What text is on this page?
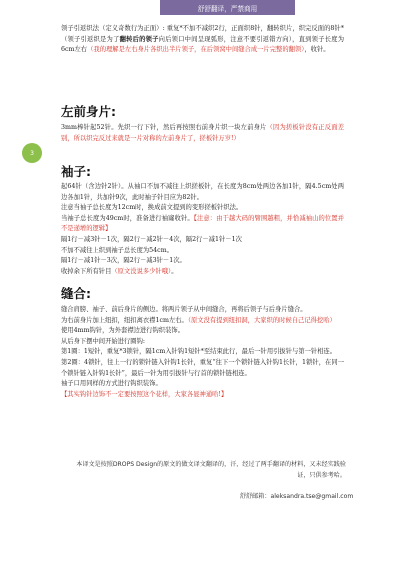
舒舒翻译，严禁商用
3

领子引返织法（定义奇数行为正面）: 重复*不加不减织2行，正面织8针，翻转织片，织完反面的8针*（领子引返织是为了翻转后的领子向后领口中间呈现弧形，注意不要引返错方向），直到领子长度为6cm左右（我的理解是左右身片各织出半片领子，在后领窝中间缝合成一片完整的翻领），收针。

左前身片:

3mm棒针起52针。先织一行下针，然后再按照右前身片织一块左前身片（因为搓板针没有正反面差别，所以织完反过来就是一片对称的左前身片了，搓板针万岁!）

袖子:

起64针（含边针2针）。从袖口不加不减往上织搓板针，在长度为8cm处两边各加1针，隔4.5cm处两边各加1针，共加针9次，此时袖子针目应为82针。

注意当袖子总长度为12cm时，换成前文提到的变形搓板针织法。

当袖子总长度为49cm时，准备进行袖窿收针。【注意：由于越大码的臂围越粗，并恰减袖山的位置并不是递增的逻辑】

隔1行－减3针－1次，隔2行－减2针－4次，隔2行－减1针－1次

不加不减往上织到袖子总长度为54cm。

隔1行－减1针－3次，隔2行－减3针－1次。

收掉余下所有针目（原文没说多少针哦）。

缝合:

缝合肩膀、袖子、前后身片的侧边。将两片领子从中间缝合，再将后领子与后身片缝合。

为右前身片加上纽扣，纽扣离衣襟1cm左右。（原文没有提到纽扣洞，大家织的时候自己记得挖哈）

使用4mm钩针，为外套襟边进行钩织装饰。

从后身下摆中间开始进行圈钩:

第1圈：1短针，重复*3锁针，隔1cm入针钩1短针*至结束此行，最后一针用引拔针与第一针相连。

第2圈：4锁针，往上一行的锁针链入针钩1长针，重复“往下一个锁针链入针钩1长针，1锁针，在同一个锁针链入针钩1长针”，最后一针为用引拔针与行首的锁针链相连。

袖子口用同样的方式进行钩织装饰。

【其实钩针边饰不一定要按照这个花样，大家各显神通哈!】

本译文是按照DROPS Design的原文的做文译文翻译的，汗，经过了两手翻译的材料，又未经实践验证，只供参考哈。

舒舒邮箱：aleksandra.tse@gmail.com
